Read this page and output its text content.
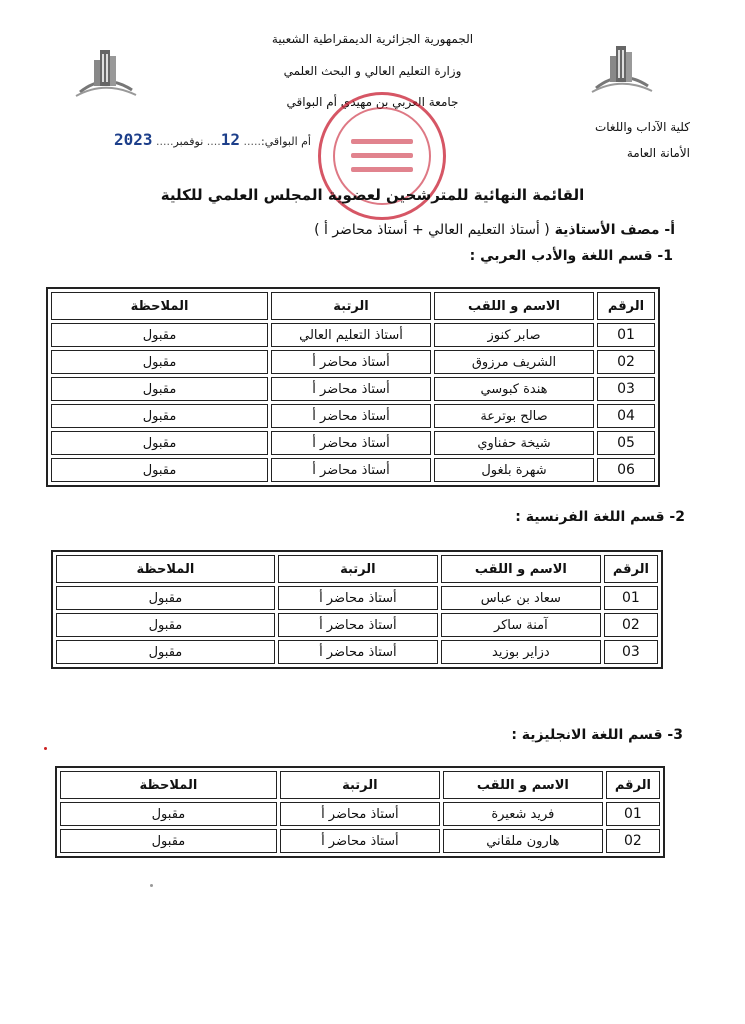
الجمهورية الجزائرية الديمقراطية الشعبية
وزارة التعليم العالي و البحث العلمي
جامعة العربي بن مهيدي أم البواقي
كلية الآداب واللغات
الأمانة العامة
أم البواقي:..... 12.... نوفمبر..... 2023
القائمة النهائية للمترشحين لعضوية المجلس العلمي للكلية
أ- مصف الأستاذية ( أستاذ التعليم العالي + أستاذ محاضر أ )
1- قسم اللغة والأدب العربي :
الرقم	الاسم و اللقب	الرتبة	الملاحظة
01	صابر كنوز	أستاذ التعليم العالي	مقبول
02	الشريف مرزوق	أستاذ محاضر أ	مقبول
03	هندة كبوسي	أستاذ محاضر أ	مقبول
04	صالح بوترعة	أستاذ محاضر أ	مقبول
05	شيخة حفناوي	أستاذ محاضر أ	مقبول
06	شهرة بلغول	أستاذ محاضر أ	مقبول
2- قسم اللغة الفرنسية :
الرقم	الاسم و اللقب	الرتبة	الملاحظة
01	سعاد بن عباس	أستاذ محاضر أ	مقبول
02	آمنة ساكر	أستاذ محاضر أ	مقبول
03	دزاير بوزيد	أستاذ محاضر أ	مقبول
3- قسم اللغة الانجليزية :
الرقم	الاسم و اللقب	الرتبة	الملاحظة
01	فريد شعيرة	أستاذ محاضر أ	مقبول
02	هارون ملقاني	أستاذ محاضر أ	مقبول
